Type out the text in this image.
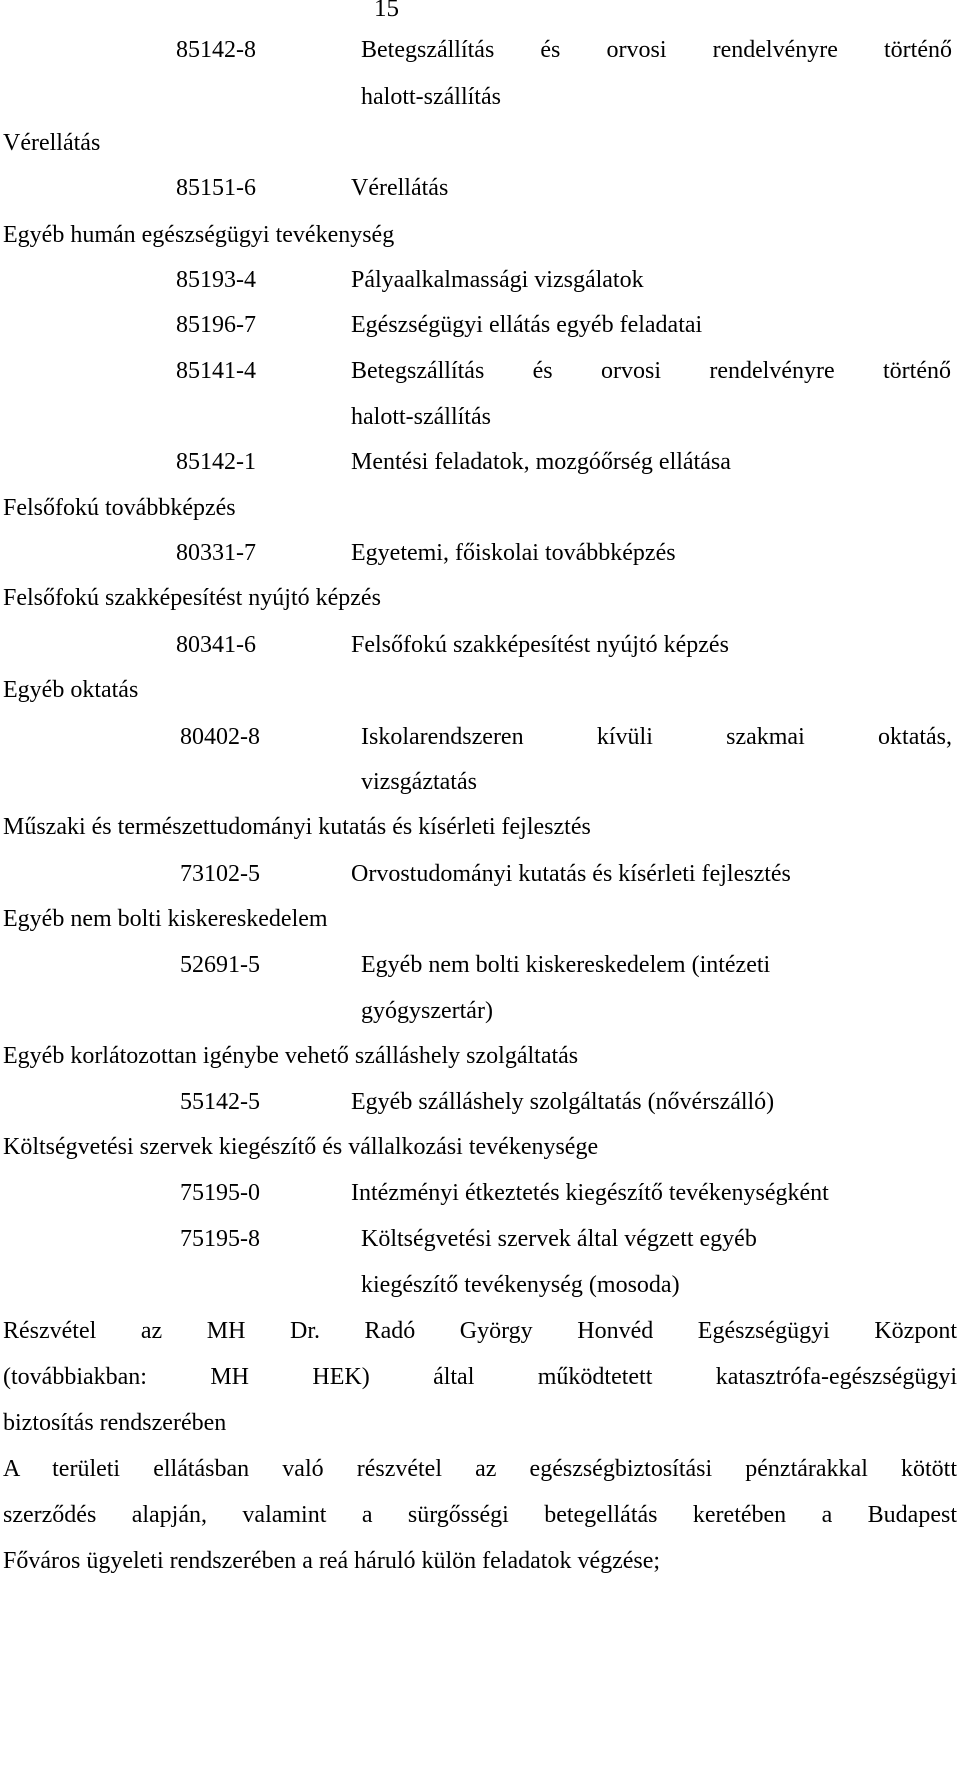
15
85142-8	Betegszállítás és orvosi rendelvényre történő
halott-szállítás
Vérellátás
85151-6	Vérellátás
Egyéb humán egészségügyi tevékenység
85193-4	Pályaalkalmassági vizsgálatok
85196-7	Egészségügyi ellátás egyéb feladatai
85141-4	Betegszállítás és orvosi rendelvényre történő
halott-szállítás
85142-1	Mentési feladatok, mozgóőrség ellátása
Felsőfokú továbbképzés
80331-7	Egyetemi, főiskolai továbbképzés
Felsőfokú szakképesítést nyújtó képzés
80341-6	Felsőfokú szakképesítést nyújtó képzés
Egyéb oktatás
80402-8	Iskolarendszeren kívüli szakmai oktatás,
vizsgáztatás
Műszaki és természettudományi kutatás és kísérleti fejlesztés
73102-5	Orvostudományi kutatás és kísérleti fejlesztés
Egyéb nem bolti kiskereskedelem
52691-5	Egyéb nem bolti kiskereskedelem (intézeti
gyógyszertár)
Egyéb korlátozottan igénybe vehető szálláshely szolgáltatás
55142-5	Egyéb szálláshely szolgáltatás (nővérszálló)
Költségvetési szervek kiegészítő és vállalkozási tevékenysége
75195-0	Intézményi étkeztetés kiegészítő tevékenységként
75195-8	Költségvetési szervek által végzett egyéb
kiegészítő tevékenység (mosoda)
Részvétel az MH Dr. Radó György Honvéd Egészségügyi Központ
(továbbiakban: MH HEK) által működtetett katasztrófa-egészségügyi
biztosítás rendszerében
A területi ellátásban való részvétel az egészségbiztosítási pénztárakkal kötött
szerződés alapján, valamint a sürgősségi betegellátás keretében a Budapest
Főváros ügyeleti rendszerében a reá háruló külön feladatok végzése;
